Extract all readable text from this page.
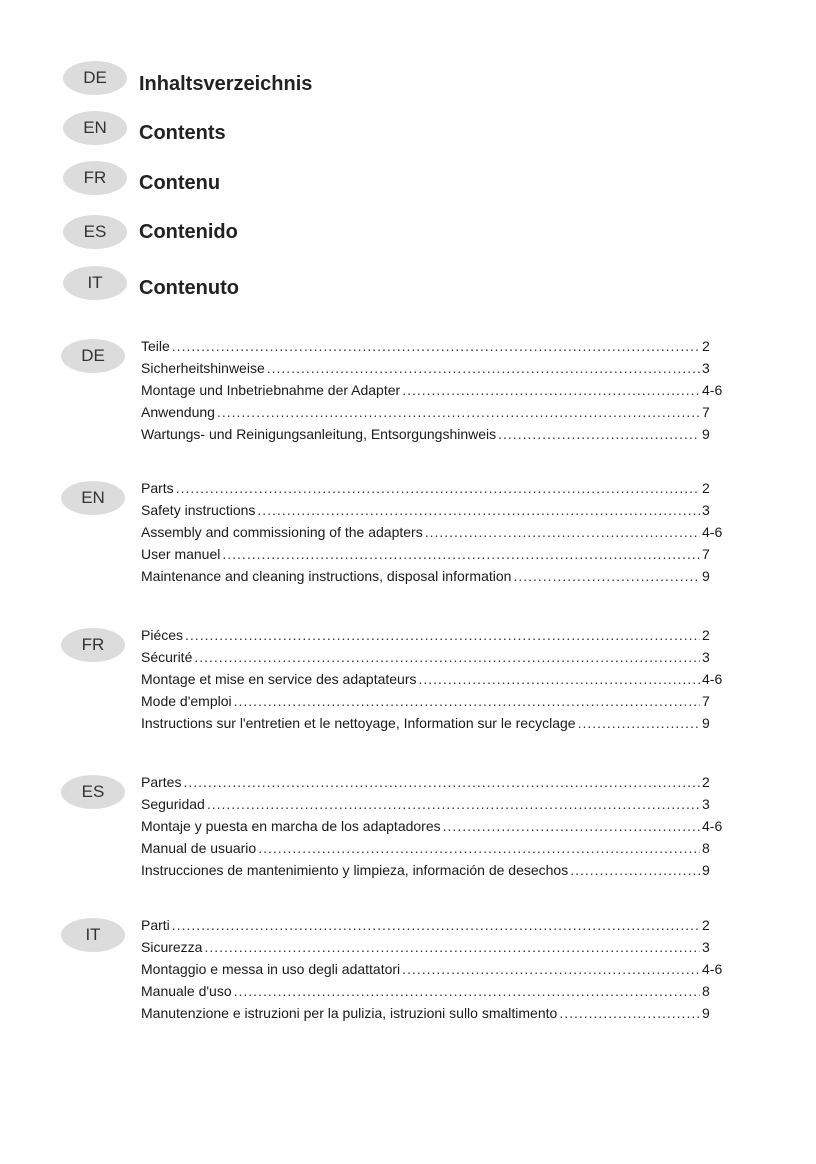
DE	Inhaltsverzeichnis
EN	Contents
FR	Contenu
ES	Contenido
IT	Contenuto
DE	Teile .....	2
Sicherheitshinweise .....	3
Montage und Inbetriebnahme der Adapter .....	4-6
Anwendung .....	7
Wartungs- und Reinigungsanleitung, Entsorgungshinweis .....	9
EN	Parts .....	2
Safety instructions .....	3
Assembly and commissioning of the adapters .....	4-6
User manuel .....	7
Maintenance and cleaning instructions, disposal information .....	9
FR	Piéces .....	2
Sécurité .....	3
Montage et mise en service des adaptateurs .....	4-6
Mode d'emploi .....	7
Instructions sur l'entretien et le nettoyage, Information sur le recyclage .....	9
ES	Partes .....	2
Seguridad .....	3
Montaje y puesta en marcha de los adaptadores .....	4-6
Manual de usuario .....	8
Instrucciones de mantenimiento y limpieza, información de desechos .....	9
IT	Parti .....	2
Sicurezza .....	3
Montaggio e messa in uso degli adattatori .....	4-6
Manuale d'uso .....	8
Manutenzione e istruzioni per la pulizia, istruzioni sullo smaltimento .....	9
